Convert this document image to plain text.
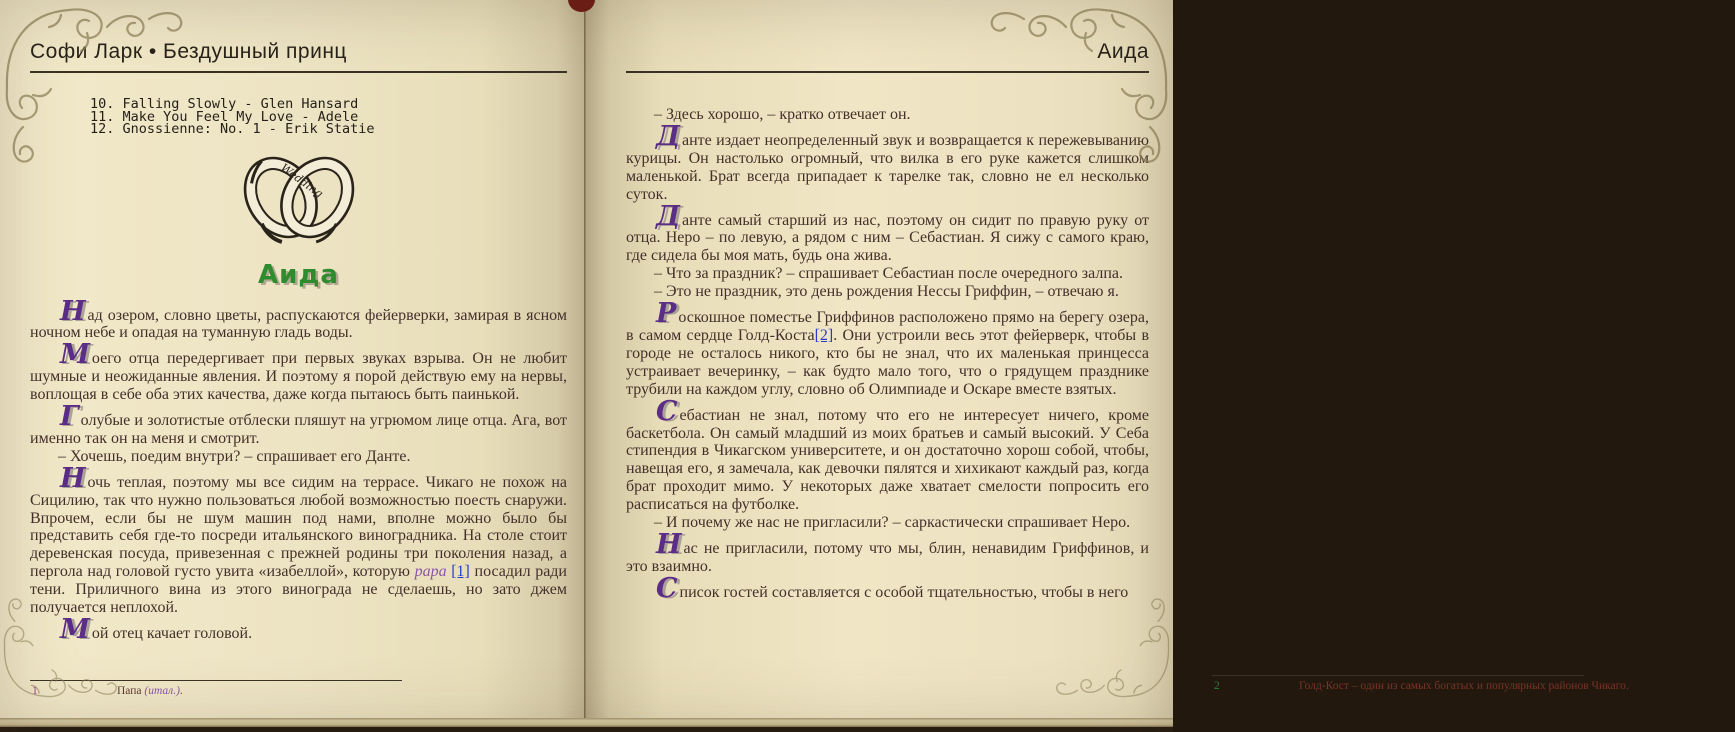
Софи Ларк • Бездушный принц
10. Falling Slowly - Glen Hansard
11. Make You Feel My Love - Adele
12. Gnossienne: No. 1 - Erik Statie
Wedding
Аида

Над озером, словно цветы, распускаются фейерверки, замирая в ясном ночном небе и опадая на туманную гладь воды.

Моего отца передергивает при первых звуках взрыва. Он не любит шумные и неожиданные явления. И поэтому я порой действую ему на нервы, воплощая в себе оба этих качества, даже когда пытаюсь быть паинькой.

Голубые и золотистые отблески пляшут на угрюмом лице отца. Ага, вот именно так он на меня и смотрит.

– Хочешь, поедим внутри? – спрашивает его Данте.

Ночь теплая, поэтому мы все сидим на террасе. Чикаго не похож на Сицилию, так что нужно пользоваться любой возможностью поесть снаружи. Впрочем, если бы не шум машин под нами, вполне можно было бы представить себя где-то посреди итальянского виноградника. На столе стоит деревенская посуда, привезенная с прежней родины три поколения назад, а пергола над головой густо увита «изабеллой», которую papa [1] посадил ради тени. Приличного вина из этого винограда не сделаешь, но зато джем получается неплохой.

Мой отец качает головой.

1	Папа (итал.).
Аида

– Здесь хорошо, – кратко отвечает он.

Данте издает неопределенный звук и возвращается к пережевыванию курицы. Он настолько огромный, что вилка в его руке кажется слишком маленькой. Брат всегда припадает к тарелке так, словно не ел несколько суток.

Данте самый старший из нас, поэтому он сидит по правую руку от отца. Неро – по левую, а рядом с ним – Себастиан. Я сижу с самого краю, где сидела бы моя мать, будь она жива.

– Что за праздник? – спрашивает Себастиан после очередного залпа.

– Это не праздник, это день рождения Нессы Гриффин, – отвечаю я.

Роскошное поместье Гриффинов расположено прямо на берегу озера, в самом сердце Голд-Коста[2]. Они устроили весь этот фейерверк, чтобы в городе не осталось никого, кто бы не знал, что их маленькая принцесса устраивает вечеринку, – как будто мало того, что о грядущем празднике трубили на каждом углу, словно об Олимпиаде и Оскаре вместе взятых.

Себастиан не знал, потому что его не интересует ничего, кроме баскетбола. Он самый младший из моих братьев и самый высокий. У Себа стипендия в Чикагском университете, и он достаточно хорош собой, чтобы, навещая его, я замечала, как девочки пялятся и хихикают каждый раз, когда брат проходит мимо. У некоторых даже хватает смелости попросить его расписаться на футболке.

– И почему же нас не пригласили? – саркастически спрашивает Неро.

Нас не пригласили, потому что мы, блин, ненавидим Гриффинов, и это взаимно.

Список гостей составляется с особой тщательностью, чтобы в него

2	Голд-Кост – один из самых богатых и популярных районов Чикаго.
